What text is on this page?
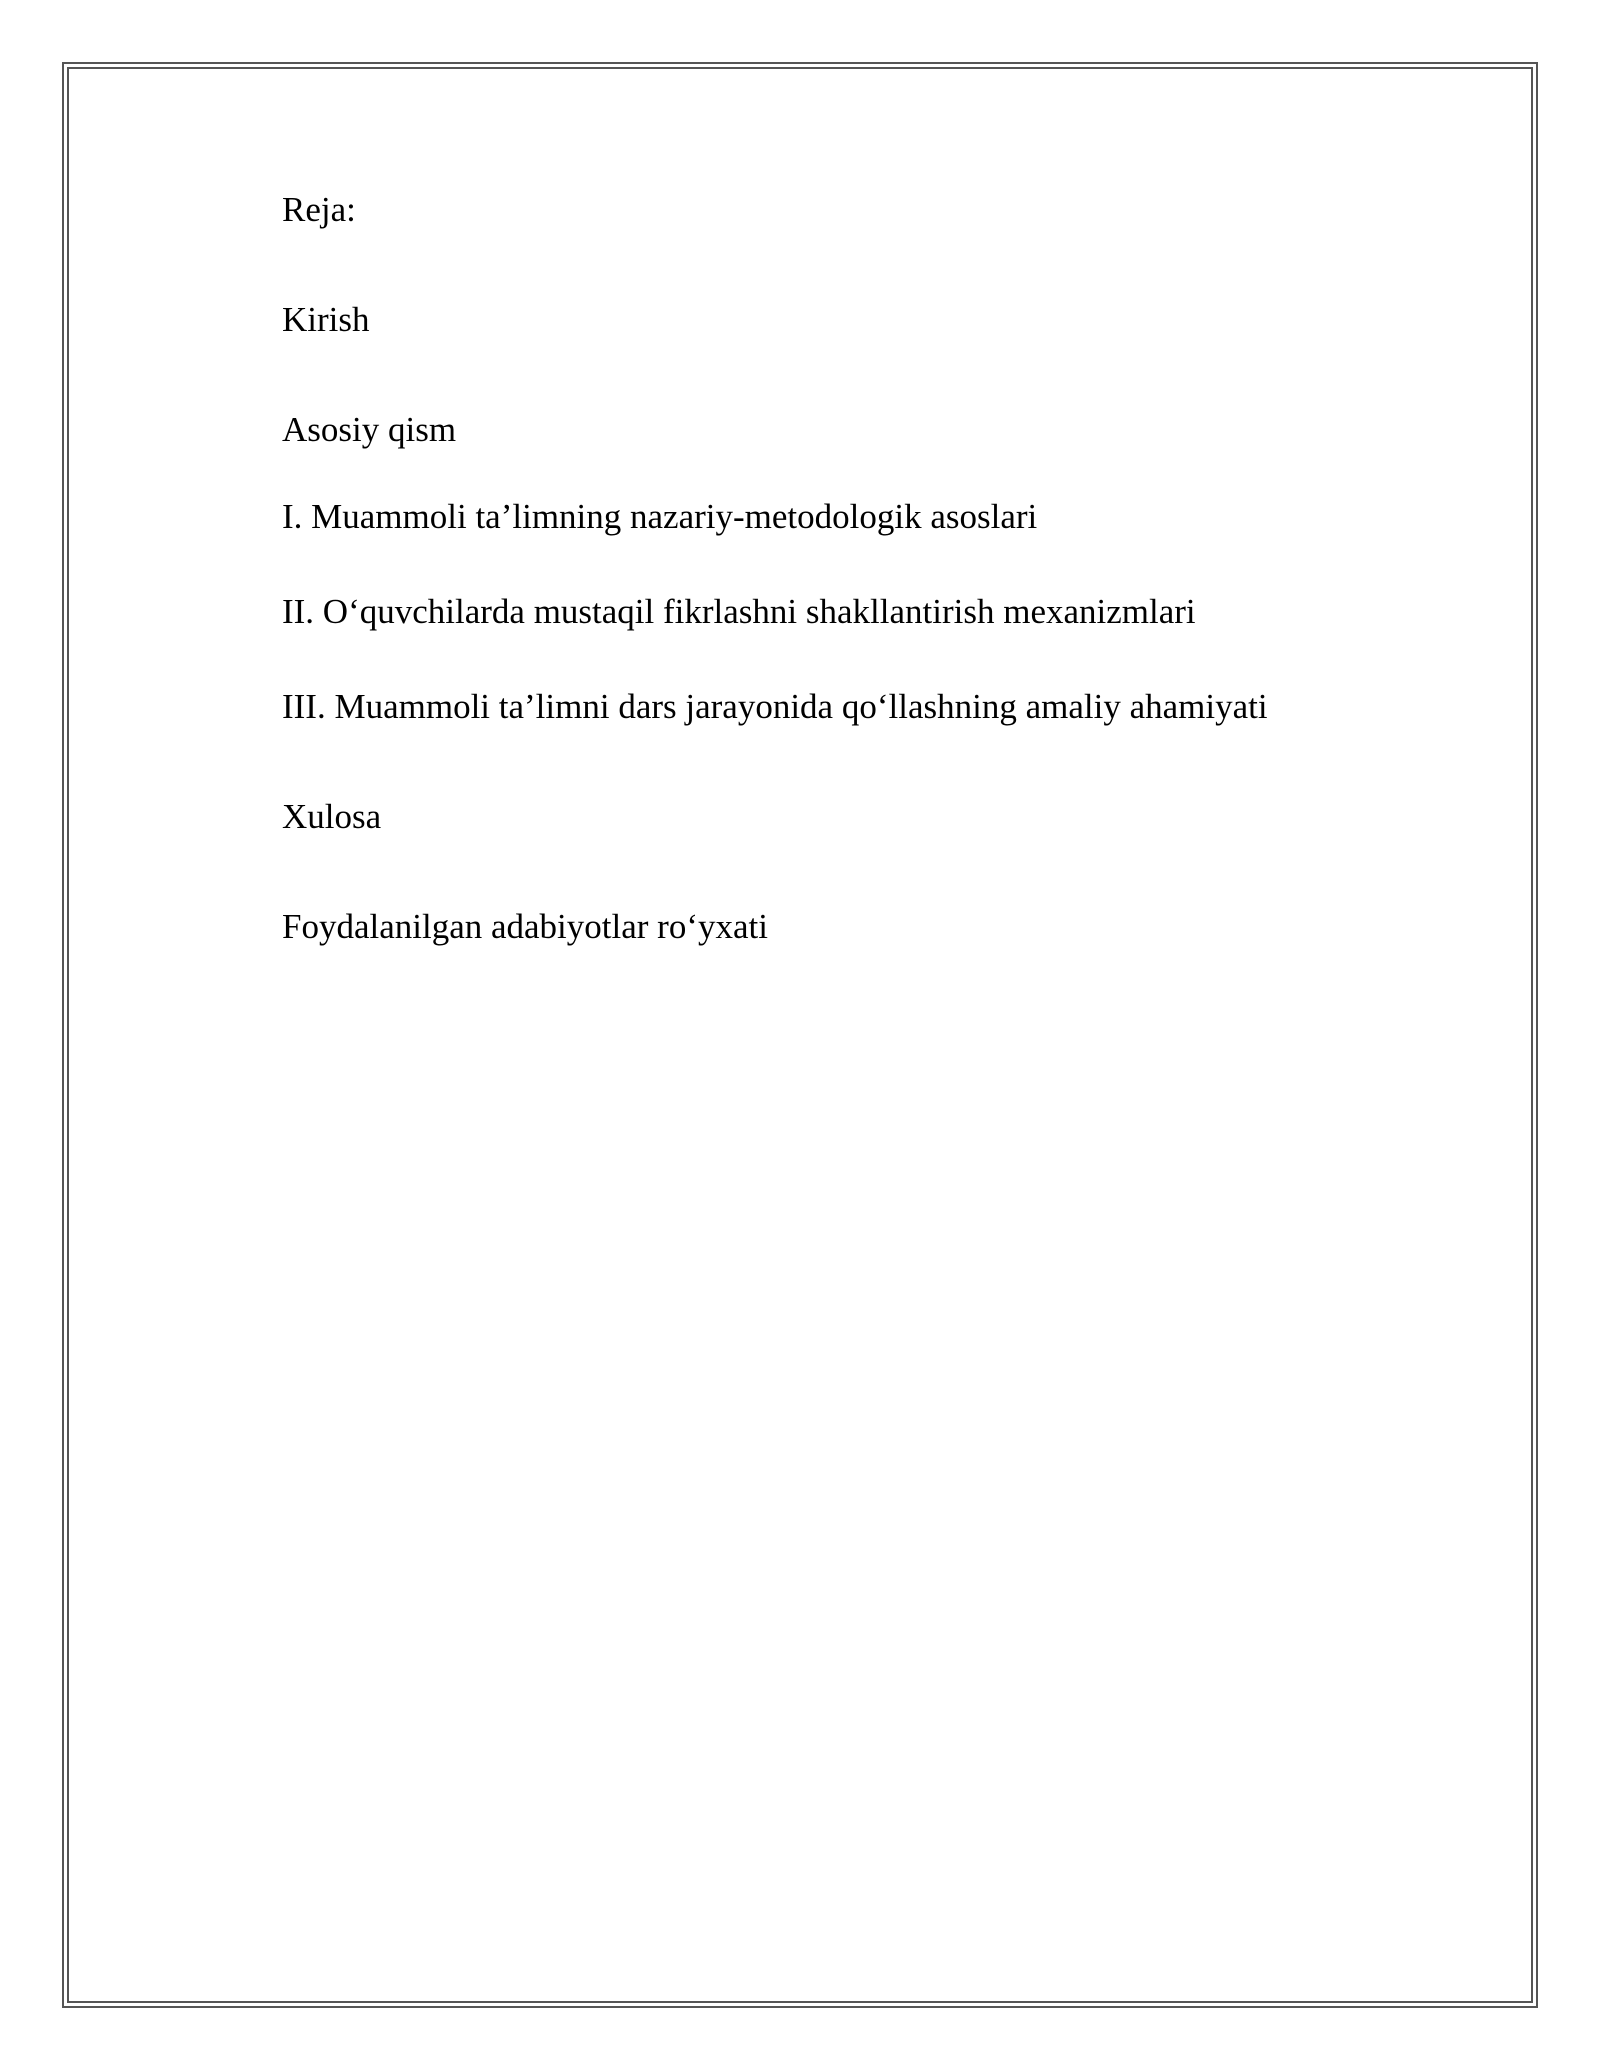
Reja:
Kirish
Asosiy qism
I. Muammoli ta’limning nazariy-metodologik asoslari
II. O‘quvchilarda mustaqil fikrlashni shakllantirish mexanizmlari
III. Muammoli ta’limni dars jarayonida qo‘llashning amaliy ahamiyati
Xulosa
Foydalanilgan adabiyotlar ro‘yxati
